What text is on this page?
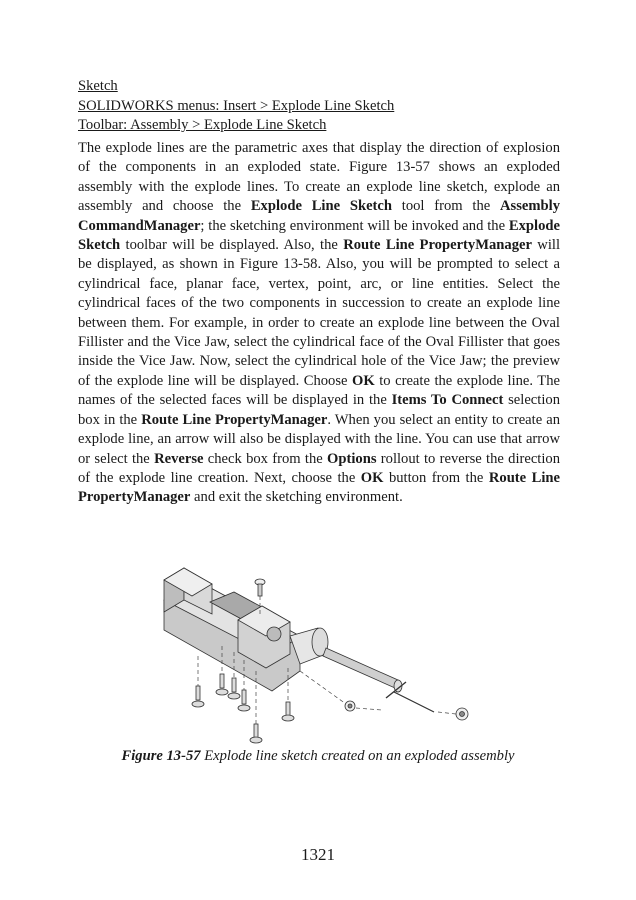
Sketch
SOLIDWORKS menus: Insert > Explode Line Sketch
Toolbar: Assembly > Explode Line Sketch
The explode lines are the parametric axes that display the direction of explosion of the components in an exploded state. Figure 13-57 shows an exploded assembly with the explode lines. To create an explode line sketch, explode an assembly and choose the Explode Line Sketch tool from the Assembly CommandManager; the sketching environment will be invoked and the Explode Sketch toolbar will be displayed. Also, the Route Line PropertyManager will be displayed, as shown in Figure 13-58. Also, you will be prompted to select a cylindrical face, planar face, vertex, point, arc, or line entities. Select the cylindrical faces of the two components in succession to create an explode line between them. For example, in order to create an explode line between the Oval Fillister and the Vice Jaw, select the cylindrical face of the Oval Fillister that goes inside the Vice Jaw. Now, select the cylindrical hole of the Vice Jaw; the preview of the explode line will be displayed. Choose OK to create the explode line. The names of the selected faces will be displayed in the Items To Connect selection box in the Route Line PropertyManager. When you select an entity to create an explode line, an arrow will also be displayed with the line. You can use that arrow or select the Reverse check box from the Options rollout to reverse the direction of the explode line creation. Next, choose the OK button from the Route Line PropertyManager and exit the sketching environment.
Figure 13-57 Explode line sketch created on an exploded assembly
1321
